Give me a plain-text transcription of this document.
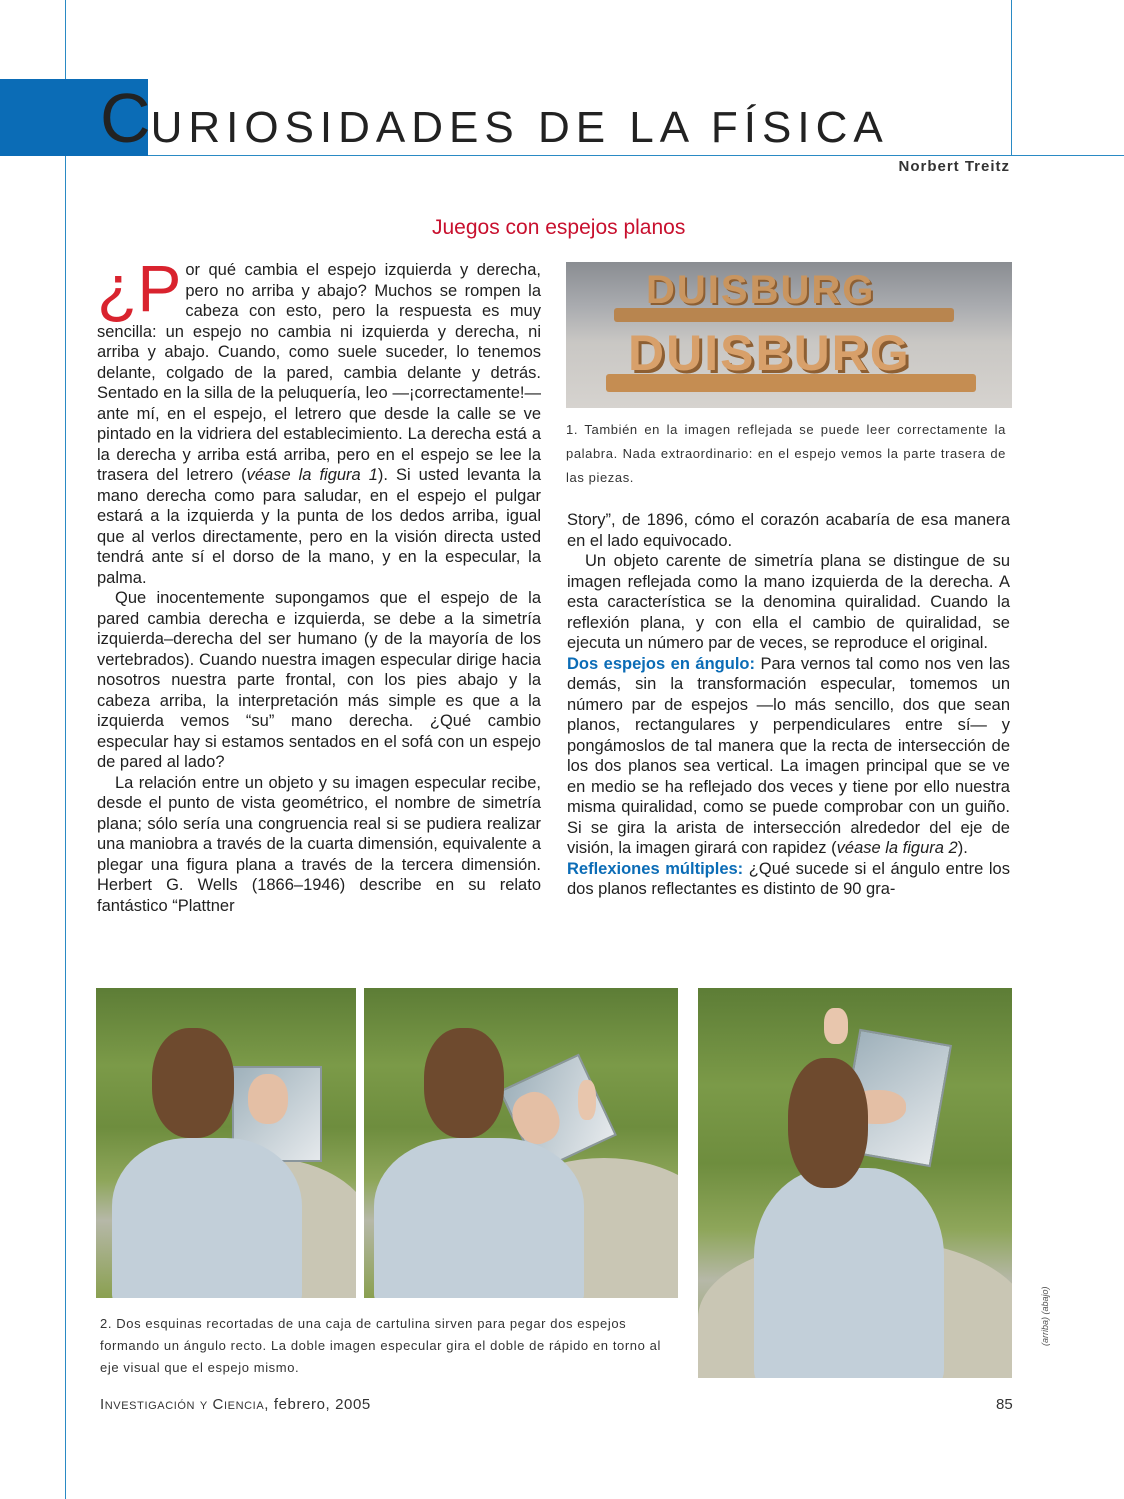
CURIOSIDADES DE LA FÍSICA
Norbert Treitz
Juegos con espejos planos

¿P or qué cambia el espejo izquierda y derecha, pero no arriba y abajo? Muchos se rompen la cabeza con esto, pero la respuesta es muy sencilla: un espejo no cambia ni izquierda y derecha, ni arriba y abajo. Cuando, como suele suceder, lo tenemos delante, colgado de la pared, cambia delante y detrás. Sentado en la silla de la peluquería, leo —¡correctamente!— ante mí, en el espejo, el letrero que desde la calle se ve pintado en la vidriera del establecimiento. La derecha está a la derecha y arriba está arriba, pero en el espejo se lee la trasera del letrero (véase la figura 1). Si usted levanta la mano derecha como para saludar, en el espejo el pulgar estará a la izquierda y la punta de los dedos arriba, igual que al verlos directamente, pero en la visión directa usted tendrá ante sí el dorso de la mano, y en la especular, la palma.

Que inocentemente supongamos que el espejo de la pared cambia derecha e izquierda, se debe a la simetría izquierda–derecha del ser humano (y de la mayoría de los vertebrados). Cuando nuestra imagen especular dirige hacia nosotros nuestra parte frontal, con los pies abajo y la cabeza arriba, la interpretación más simple es que a la izquierda vemos “su” mano derecha. ¿Qué cambio especular hay si estamos sentados en el sofá con un espejo de pared al lado?

La relación entre un objeto y su imagen especular recibe, desde el punto de vista geométrico, el nombre de simetría plana; sólo sería una congruencia real si se pudiera realizar una maniobra a través de la cuarta dimensión, equivalente a plegar una figura plana a través de la tercera dimensión. Herbert G. Wells (1866–1946) describe en su relato fantástico “Plattner

DUISBURG
DUISBURG
1. También en la imagen reflejada se puede leer correctamente la palabra. Nada extraordinario: en el espejo vemos la parte trasera de las piezas.

Story”, de 1896, cómo el corazón acabaría de esa manera en el lado equivocado.

Un objeto carente de simetría plana se distingue de su imagen reflejada como la mano izquierda de la derecha. A esta característica se la denomina quiralidad. Cuando la reflexión plana, y con ella el cambio de quiralidad, se ejecuta un número par de veces, se reproduce el original.

Dos espejos en ángulo: Para vernos tal como nos ven las demás, sin la transformación especular, tomemos un número par de espejos —lo más sencillo, dos que sean planos, rectangulares y perpendiculares entre sí— y pongámoslos de tal manera que la recta de intersección de los dos planos sea vertical. La imagen principal que se ve en medio se ha reflejado dos veces y tiene por ello nuestra misma quiralidad, como se puede comprobar con un guiño. Si se gira la arista de intersección alrededor del eje de visión, la imagen girará con rapidez (véase la figura 2).

Reflexiones múltiples: ¿Qué sucede si el ángulo entre los dos planos reflectantes es distinto de 90 gra-

2. Dos esquinas recortadas de una caja de cartulina sirven para pegar dos espejos formando un ángulo recto. La doble imagen especular gira el doble de rápido en torno al eje visual que el espejo mismo.
(arriba)
(abajo)
Investigación y Ciencia, febrero, 2005	85
